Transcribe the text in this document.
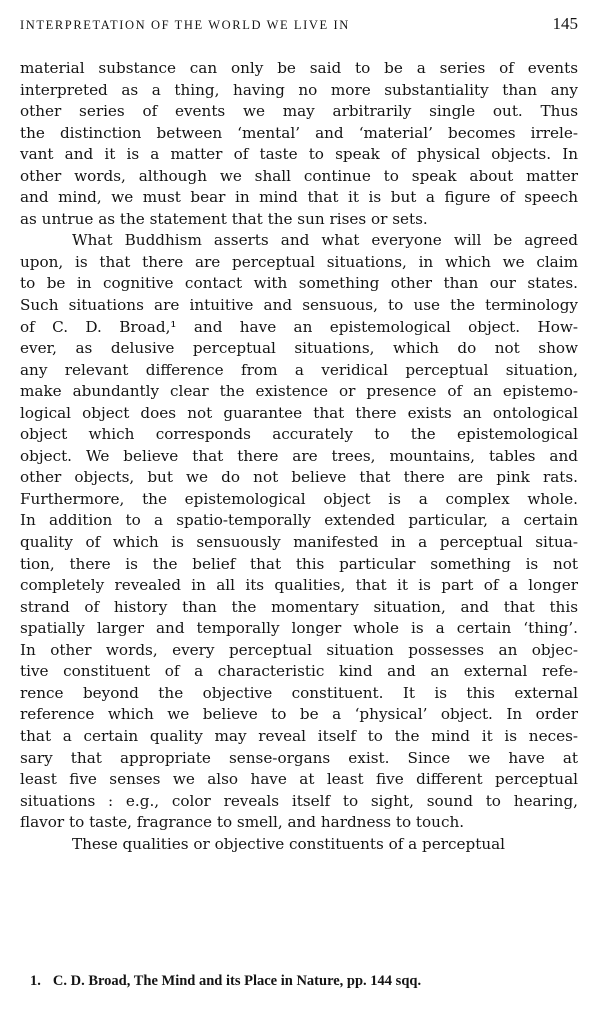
INTERPRETATION OF THE WORLD WE LIVE IN	145
material substance can only be said to be a series of events
interpreted as a thing, having no more substantiality than any
other series of events we may arbitrarily single out. Thus
the distinction between ‘mental’ and ‘material’ becomes irrele-
vant and it is a matter of taste to speak of physical objects. In
other words, although we shall continue to speak about matter
and mind, we must bear in mind that it is but a figure of speech
as untrue as the statement that the sun rises or sets.
What Buddhism asserts and what everyone will be agreed
upon, is that there are perceptual situations, in which we claim
to be in cognitive contact with something other than our states.
Such situations are intuitive and sensuous, to use the terminology
of C. D. Broad,¹ and have an epistemological object. How-
ever, as delusive perceptual situations, which do not show
any relevant difference from a veridical perceptual situation,
make abundantly clear the existence or presence of an epistemo-
logical object does not guarantee that there exists an ontological
object which corresponds accurately to the epistemological
object. We believe that there are trees, mountains, tables and
other objects, but we do not believe that there are pink rats.
Furthermore, the epistemological object is a complex whole.
In addition to a spatio-temporally extended particular, a certain
quality of which is sensuously manifested in a perceptual situa-
tion, there is the belief that this particular something is not
completely revealed in all its qualities, that it is part of a longer
strand of history than the momentary situation, and that this
spatially larger and temporally longer whole is a certain ‘thing’.
In other words, every perceptual situation possesses an objec-
tive constituent of a characteristic kind and an external refe-
rence beyond the objective constituent. It is this external
reference which we believe to be a ‘physical’ object. In order
that a certain quality may reveal itself to the mind it is neces-
sary that appropriate sense-organs exist. Since we have at
least five senses we also have at least five different perceptual
situations : e.g., color reveals itself to sight, sound to hearing,
flavor to taste, fragrance to smell, and hardness to touch.
These qualities or objective constituents of a perceptual
1. C. D. Broad, The Mind and its Place in Nature, pp. 144 sqq.
